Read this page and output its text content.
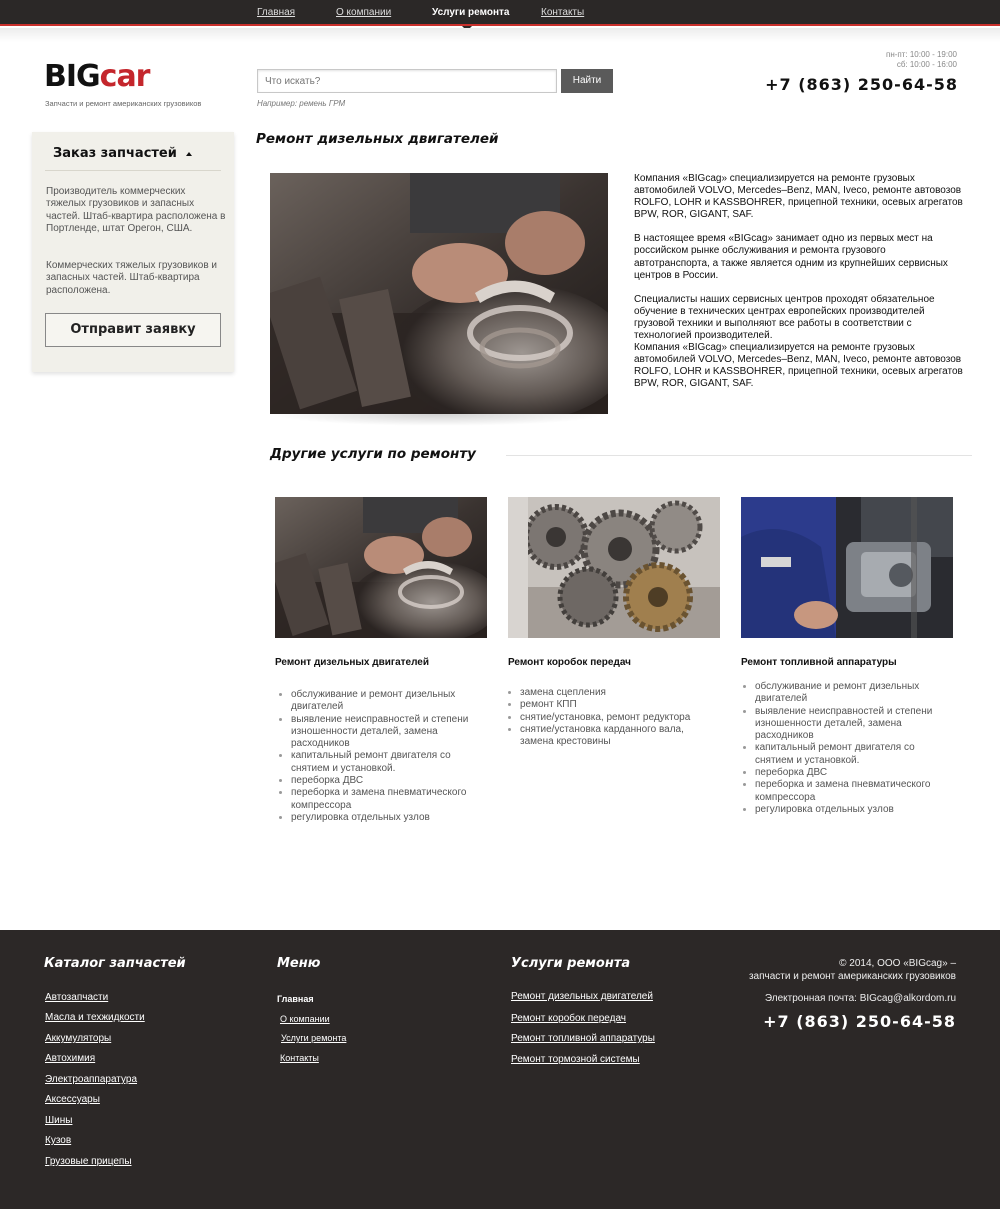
Главная	О компании	Услуги ремонта	Контакты
BIGcar
Запчасти и ремонт американских грузовиков
Что искать?
Найти
Например: ремень ГРМ
пн-пт: 10:00 - 19:00
сб: 10:00 - 16:00
+7 (863) 250-64-58
Заказ запчастей
Производитель коммерческих тяжелых грузовиков и запасных частей. Штаб-квартира расположена в Портленде, штат Орегон, США.
Коммерческих тяжелых грузовиков и запасных частей. Штаб-квартира расположена.
Отправит заявку
Ремонт дизельных двигателей

Компания «BIGcag» специализируется на ремонте грузовых автомобилей VOLVO, Mercedes–Benz, MAN, Iveco, ремонте автовозов ROLFO, LOHR и KASSBOHRER, прицепной техники, осевых агрегатов BPW, ROR, GIGANT, SAF.

В настоящее время «BIGcag» занимает одно из первых мест на российском рынке обслуживания и ремонта грузового автотранспорта, а также является одним из крупнейших сервисных центров в России.

Специалисты наших сервисных центров проходят обязательное обучение в технических центрах европейских производителей грузовой техники и выполняют все работы в соответствии с технологией производителей.

Компания «BIGcag» специализируется на ремонте грузовых автомобилей VOLVO, Mercedes–Benz, MAN, Iveco, ремонте автовозов ROLFO, LOHR и KASSBOHRER, прицепной техники, осевых агрегатов BPW, ROR, GIGANT, SAF.

Другие услуги по ремонту
Ремонт дизельных двигателей
обслуживание и ремонт дизельных двигателей
выявление неисправностей и степени изношенности деталей, замена расходников
капитальный ремонт двигателя со снятием и установкой.
переборка ДВС
переборка и замена пневматического компрессора
регулировка отдельных узлов
Ремонт коробок передач
замена сцепления
ремонт КПП
снятие/установка, ремонт редуктора
снятие/установка карданного вала, замена крестовины
Ремонт топливной аппаратуры
обслуживание и ремонт дизельных двигателей
выявление неисправностей и степени изношенности деталей, замена расходников
капитальный ремонт двигателя со снятием и установкой.
переборка ДВС
переборка и замена пневматического компрессора
регулировка отдельных узлов
Каталог запчастей
Автозапчасти
Масла и техжидкости
Аккумуляторы
Автохимия
Электроаппаратура
Аксессуары
Шины
Кузов
Грузовые прицепы
Меню
Главная
О компании
Услуги ремонта
Контакты
Услуги ремонта
Ремонт дизельных двигателей
Ремонт коробок передач
Ремонт топливной аппаратуры
Ремонт тормозной системы
© 2014, ООО «BIGcag» –
запчасти и ремонт американских грузовиков
Электронная почта: BIGcag@alkordom.ru
+7 (863) 250-64-58
